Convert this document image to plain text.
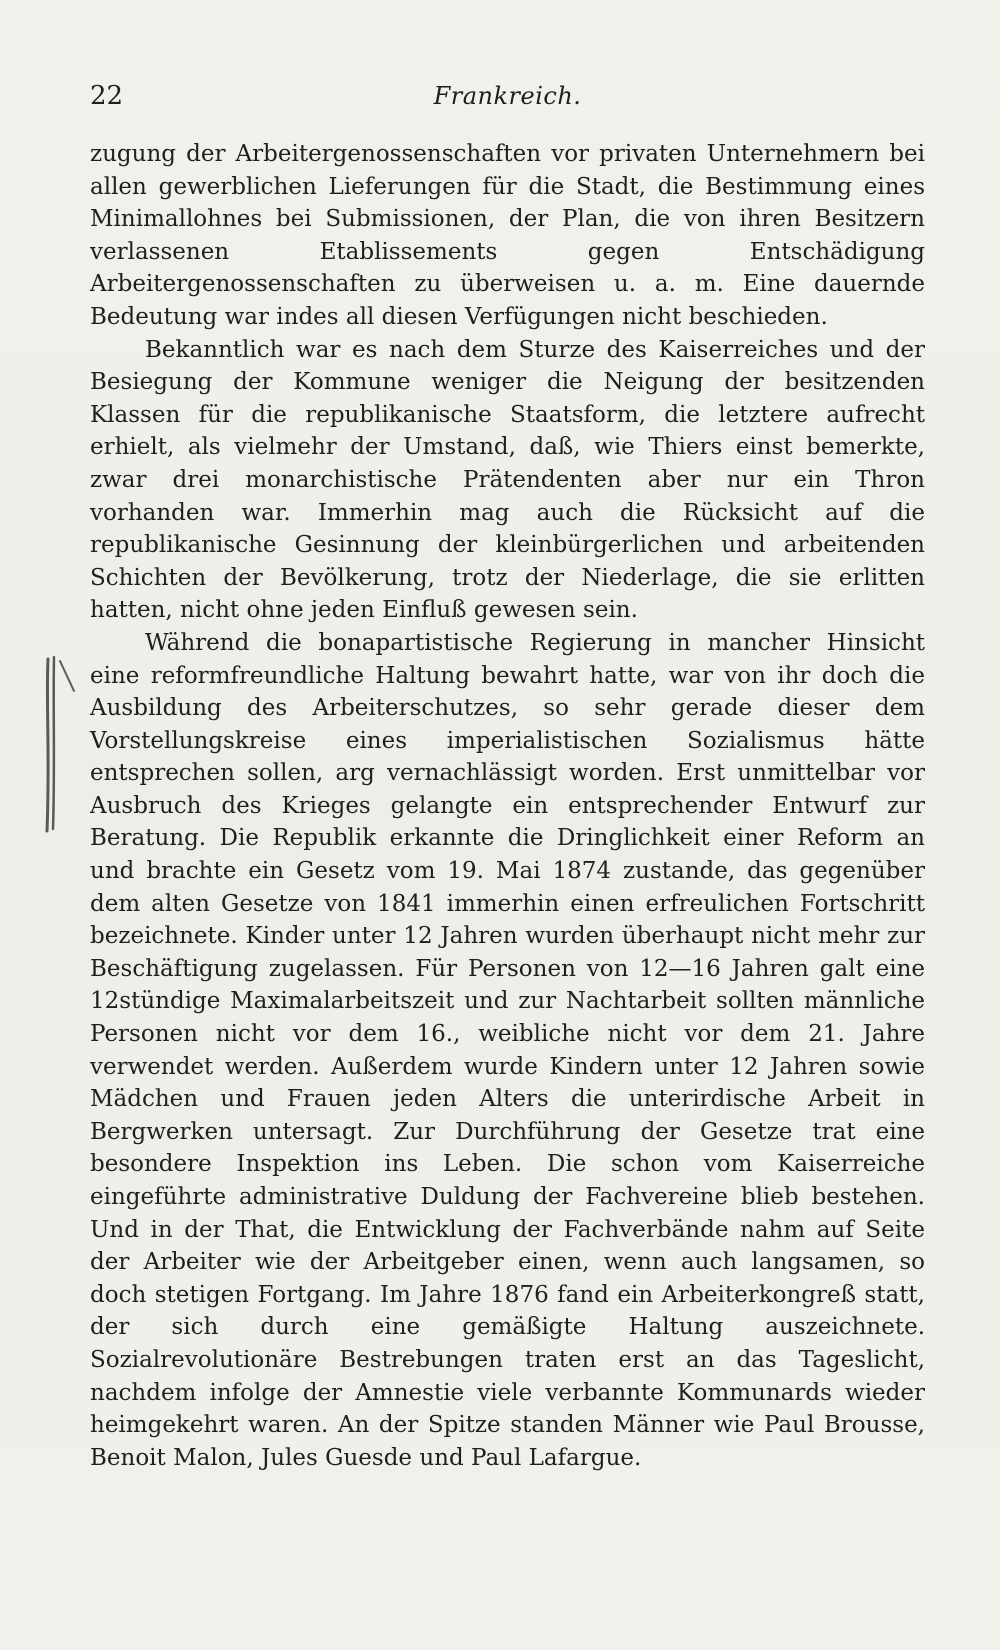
22	Frankreich.

zugung der Arbeitergenossenschaften vor privaten Unternehmern bei allen gewerblichen Lieferungen für die Stadt, die Bestimmung eines Minimallohnes bei Submissionen, der Plan, die von ihren Besitzern verlassenen Etablissements gegen Entschädigung Arbeitergenossenschaften zu überweisen u. a. m. Eine dauernde Bedeutung war indes all diesen Verfügungen nicht beschieden.

Bekanntlich war es nach dem Sturze des Kaiserreiches und der Besiegung der Kommune weniger die Neigung der besitzenden Klassen für die republikanische Staatsform, die letztere aufrecht erhielt, als vielmehr der Umstand, daß, wie Thiers einst bemerkte, zwar drei monarchistische Prätendenten aber nur ein Thron vorhanden war. Immerhin mag auch die Rücksicht auf die republikanische Gesinnung der kleinbürgerlichen und arbeitenden Schichten der Bevölkerung, trotz der Niederlage, die sie erlitten hatten, nicht ohne jeden Einfluß gewesen sein.

Während die bonapartistische Regierung in mancher Hinsicht eine reformfreundliche Haltung bewahrt hatte, war von ihr doch die Ausbildung des Arbeiterschutzes, so sehr gerade dieser dem Vorstellungskreise eines imperialistischen Sozialismus hätte entsprechen sollen, arg vernachlässigt worden. Erst unmittelbar vor Ausbruch des Krieges gelangte ein entsprechender Entwurf zur Beratung. Die Republik erkannte die Dringlichkeit einer Reform an und brachte ein Gesetz vom 19. Mai 1874 zustande, das gegenüber dem alten Gesetze von 1841 immerhin einen erfreulichen Fortschritt bezeichnete. Kinder unter 12 Jahren wurden überhaupt nicht mehr zur Beschäftigung zugelassen. Für Personen von 12—16 Jahren galt eine 12stündige Maximalarbeitszeit und zur Nachtarbeit sollten männliche Personen nicht vor dem 16., weibliche nicht vor dem 21. Jahre verwendet werden. Außerdem wurde Kindern unter 12 Jahren sowie Mädchen und Frauen jeden Alters die unterirdische Arbeit in Bergwerken untersagt. Zur Durchführung der Gesetze trat eine besondere Inspektion ins Leben. Die schon vom Kaiserreiche eingeführte administrative Duldung der Fachvereine blieb bestehen. Und in der That, die Entwicklung der Fachverbände nahm auf Seite der Arbeiter wie der Arbeitgeber einen, wenn auch langsamen, so doch stetigen Fortgang. Im Jahre 1876 fand ein Arbeiterkongreß statt, der sich durch eine gemäßigte Haltung auszeichnete. Sozialrevolutionäre Bestrebungen traten erst an das Tageslicht, nachdem infolge der Amnestie viele verbannte Kommunards wieder heimgekehrt waren. An der Spitze standen Männer wie Paul Brousse, Benoit Malon, Jules Guesde und Paul Lafargue.
